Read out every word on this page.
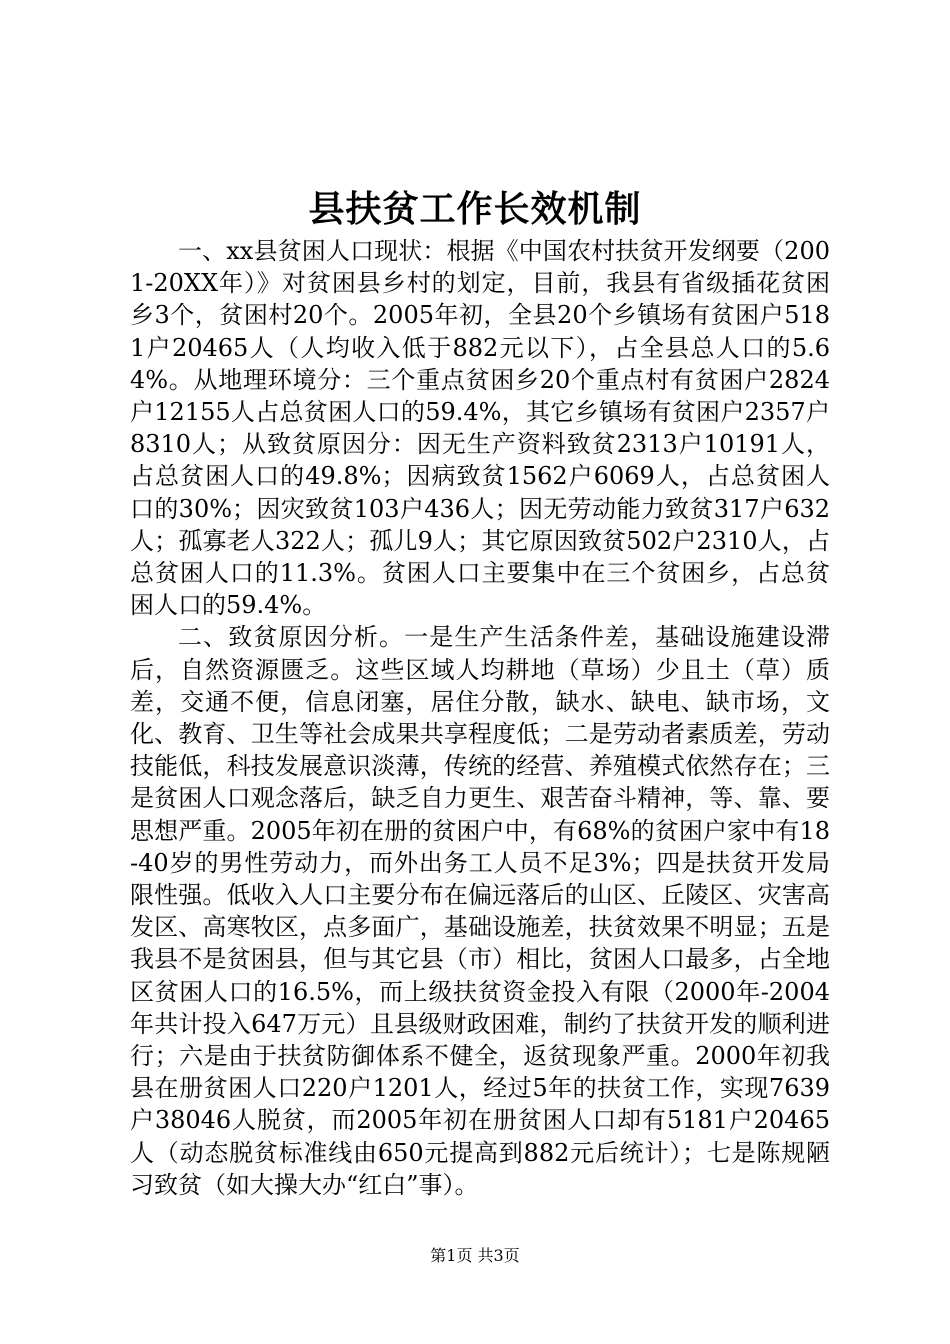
县扶贫工作长效机制

一、xx县贫困人口现状：根据《中国农村扶贫开发纲要（2001-20XX年）》对贫困县乡村的划定，目前，我县有省级插花贫困乡3个，贫困村20个。2005年初，全县20个乡镇场有贫困户5181户20465人（人均收入低于882元以下），占全县总人口的5.64%。从地理环境分：三个重点贫困乡20个重点村有贫困户2824户12155人占总贫困人口的59.4%，其它乡镇场有贫困户2357户8310人；从致贫原因分：因无生产资料致贫2313户10191人，占总贫困人口的49.8%；因病致贫1562户6069人，占总贫困人口的30%；因灾致贫103户436人；因无劳动能力致贫317户632人；孤寡老人322人；孤儿9人；其它原因致贫502户2310人，占总贫困人口的11.3%。贫困人口主要集中在三个贫困乡，占总贫困人口的59.4%。

二、致贫原因分析。一是生产生活条件差，基础设施建设滞后，自然资源匮乏。这些区域人均耕地（草场）少且土（草）质差，交通不便，信息闭塞，居住分散，缺水、缺电、缺市场，文化、教育、卫生等社会成果共享程度低；二是劳动者素质差，劳动技能低，科技发展意识淡薄，传统的经营、养殖模式依然存在；三是贫困人口观念落后，缺乏自力更生、艰苦奋斗精神，等、靠、要思想严重。2005年初在册的贫困户中，有68%的贫困户家中有18-40岁的男性劳动力，而外出务工人员不足3%；四是扶贫开发局限性强。低收入人口主要分布在偏远落后的山区、丘陵区、灾害高发区、高寒牧区，点多面广，基础设施差，扶贫效果不明显；五是我县不是贫困县，但与其它县（市）相比，贫困人口最多，占全地区贫困人口的16.5%，而上级扶贫资金投入有限（2000年-2004年共计投入647万元）且县级财政困难，制约了扶贫开发的顺利进行；六是由于扶贫防御体系不健全，返贫现象严重。2000年初我县在册贫困人口220户1201人，经过5年的扶贫工作，实现7639户38046人脱贫，而2005年初在册贫困人口却有5181户20465人（动态脱贫标准线由650元提高到882元后统计）；七是陈规陋习致贫（如大操大办“红白”事）。

第1页 共3页
